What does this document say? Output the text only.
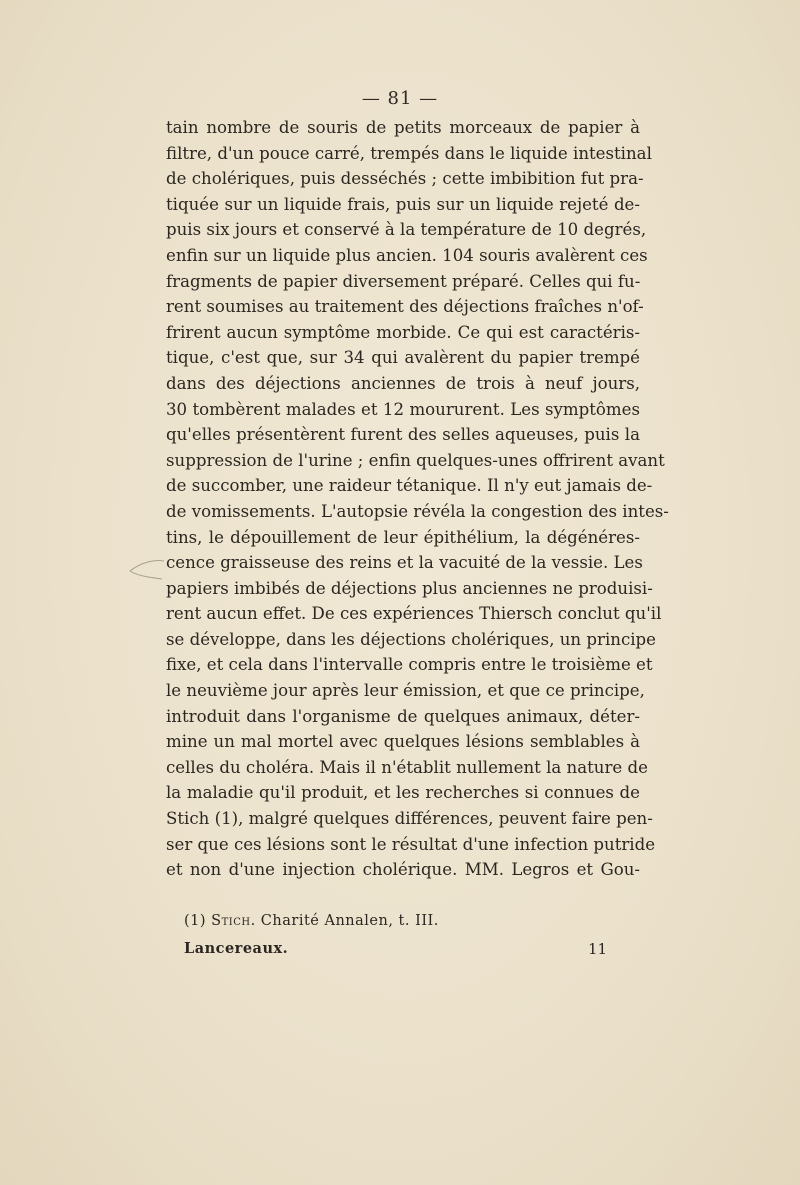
— 81 —
tain nombre de souris de petits morceaux de papier à
filtre, d'un pouce carré, trempés dans le liquide intestinal
de cholériques, puis desséchés ; cette imbibition fut pra-
tiquée sur un liquide frais, puis sur un liquide rejeté de-
puis six jours et conservé à la température de 10 degrés,
enfin sur un liquide plus ancien. 104 souris avalèrent ces
fragments de papier diversement préparé. Celles qui fu-
rent soumises au traitement des déjections fraîches n'of-
frirent aucun symptôme morbide. Ce qui est caractéris-
tique, c'est que, sur 34 qui avalèrent du papier trempé
dans des déjections anciennes de trois à neuf jours,
30 tombèrent malades et 12 moururent. Les symptômes
qu'elles présentèrent furent des selles aqueuses, puis la
suppression de l'urine ; enfin quelques-unes offrirent avant
de succomber, une raideur tétanique. Il n'y eut jamais de-
de vomissements. L'autopsie révéla la congestion des intes-
tins, le dépouillement de leur épithélium, la dégénéres-
cence graisseuse des reins et la vacuité de la vessie. Les
papiers imbibés de déjections plus anciennes ne produisi-
rent aucun effet. De ces expériences Thiersch conclut qu'il
se développe, dans les déjections cholériques, un principe
fixe, et cela dans l'intervalle compris entre le troisième et
le neuvième jour après leur émission, et que ce principe,
introduit dans l'organisme de quelques animaux, déter-
mine un mal mortel avec quelques lésions semblables à
celles du choléra. Mais il n'établit nullement la nature de
la maladie qu'il produit, et les recherches si connues de
Stich (1), malgré quelques différences, peuvent faire pen-
ser que ces lésions sont le résultat d'une infection putride
et non d'une injection cholérique. MM. Legros et Gou-
(1) Stich. Charité Annalen, t. III.
Lancereaux.	11
